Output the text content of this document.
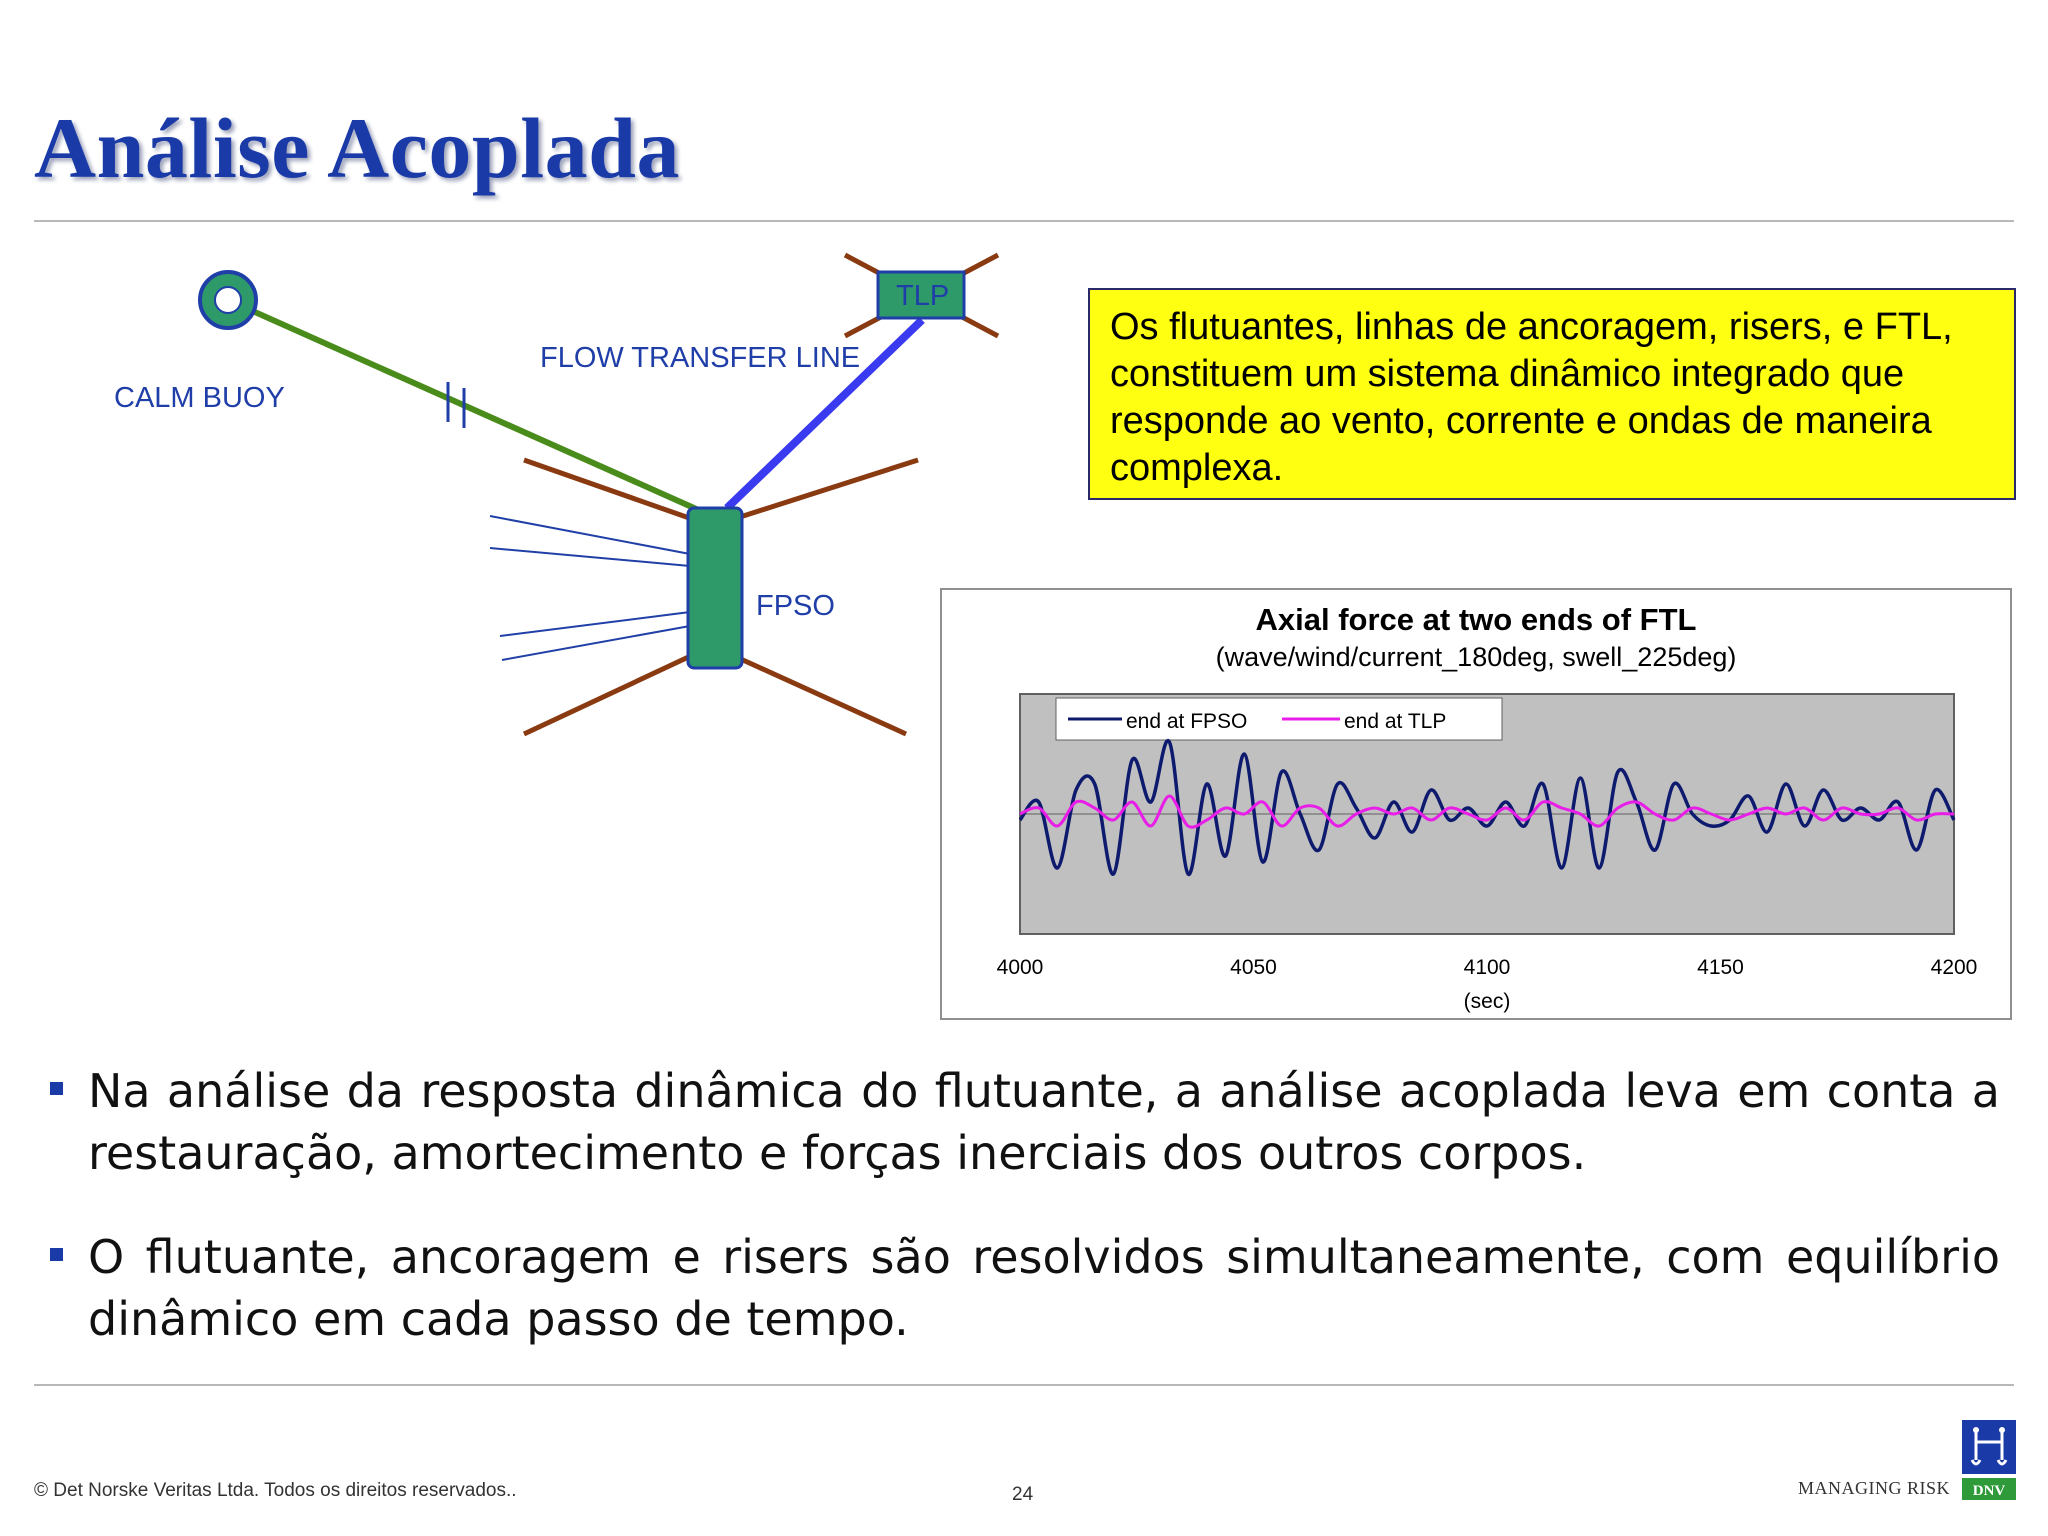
Análise Acoplada
CALM BUOY
FLOW TRANSFER LINE
TLP
FPSO
Os flutuantes, linhas de ancoragem, risers, e FTL, constituem um sistema dinâmico integrado que responde ao vento, corrente e ondas de maneira complexa.
Axial force at two ends of FTL
(wave/wind/current_180deg, swell_225deg)
end at FPSO	end at TLP
4000	4050	4100	4150	4200
(sec)
Na análise da resposta dinâmica do flutuante, a análise acoplada leva em conta a restauração, amortecimento e forças inerciais dos outros corpos.
O flutuante, ancoragem e risers são resolvidos simultaneamente, com equilíbrio dinâmico em cada passo de tempo.
© Det Norske Veritas Ltda. Todos os direitos reservados..	24	MANAGING RISK DNV
